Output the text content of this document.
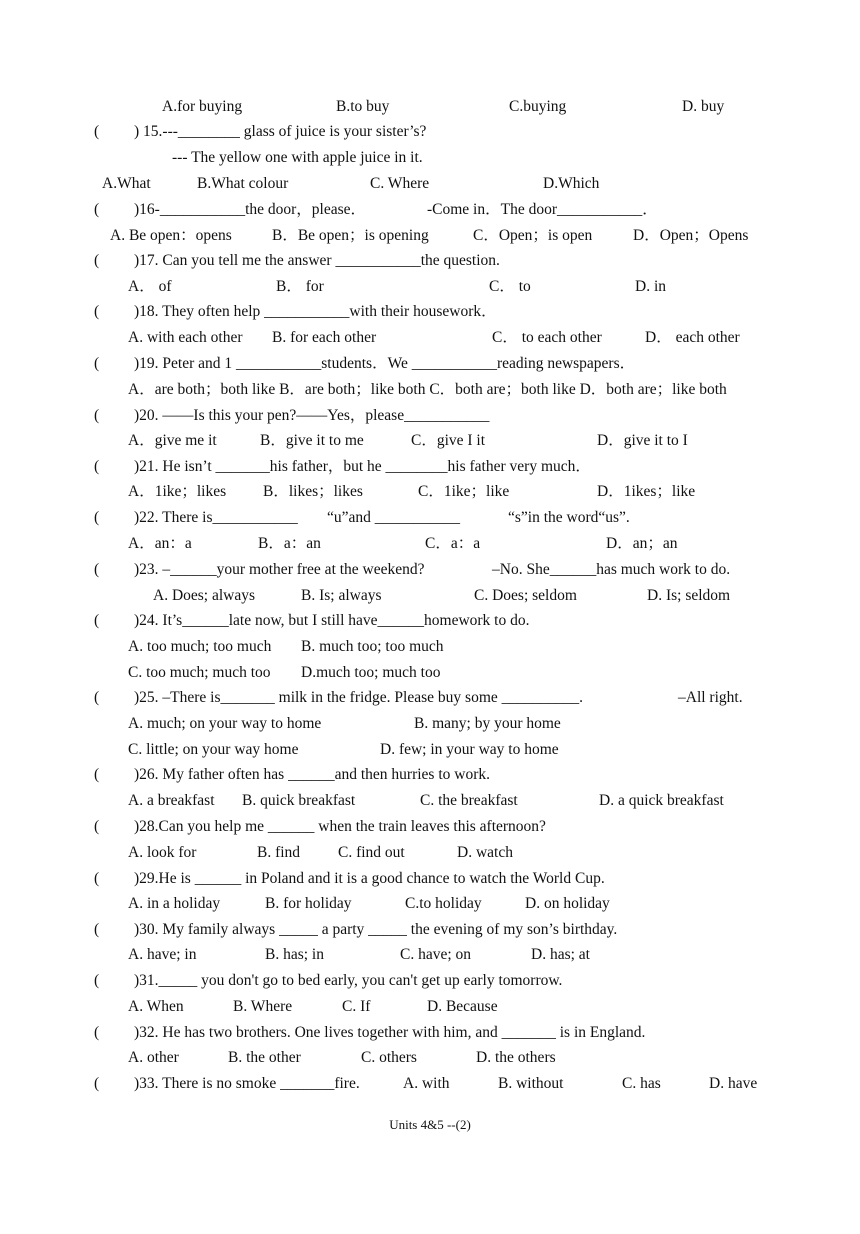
A.for buying

	B.to buy

	C.buying

	D. buy

(

) 15.---________ glass of juice is your sister’s?

--- The yellow one with apple juice in it.

A.What

	B.What colour

	C. Where

	D.Which

(

)16-___________the door，please．

	-Come in．The door___________．

A. Be open：opens

	B．Be open；is opening

	C．Open；is open

	D．Open；Opens

(

)17. Can you tell me the answer ___________the question.

A． of

	B． for

	C． to

	D. in

(

)18. They often help ___________with their housework．

A. with each other

B. for each other

	C． to each other

	D． each other

(

)19. Peter and 1 ___________students．We ___________reading newspapers．

A．are both；both like B．are both；like both C．both are；both like D．both are；like both

(

)20. ——Is this your pen?——Yes，please___________

A．give me it

	B．give it to me

	C．give I it

	D．give it to I

(

)21. He isn’t _______his father，but he ________his father very much．

A．1ike；likes

B．likes；likes

	C．1ike；like

	D．1ikes；like

(

)22. There is___________

“u”and ___________

	“s”in the word“us”.

A．an：a

	B．a：an

	C．a：a

	D．an；an

(

)23. –______your mother free at the weekend?

	–No. She______has much work to do.

A. Does; always

	B. Is; always

	C. Does; seldom

	D. Is; seldom

(

)24. It’s______late now, but I still have______homework to do.

A. too much; too much

B. much too; too much

C. too much; much too

D.much too; much too

(

)25. –There is_______ milk in the fridge. Please buy some __________.

	–All right.

A. much; on your way to home

	B. many; by your home

C. little; on your way home

	D. few; in your way to home

(

)26. My father often has ______and then hurries to work.

A. a breakfast

B. quick breakfast

	C. the breakfast

	D. a quick breakfast

(

)28.Can you help me ______ when the train leaves this afternoon?

A. look for

	B. find

C. find out

	D. watch

(

)29.He is ______ in Poland and it is a good chance to watch the World Cup.

A. in a holiday

	B. for holiday

	C.to holiday

	D. on holiday

(

)30. My family always _____ a party _____ the evening of my son’s birthday.

A. have; in

	B. has; in

	C. have; on

	D. has; at

(

)31._____ you don't go to bed early, you can't get up early tomorrow.

A. When

	B. Where

	C. If

	D. Because

(

)32. He has two brothers. One lives together with him, and _______ is in England.

A. other

	B. the other

	C. others

	D. the others

(

)33. There is no smoke _______fire.

	A. with

	B. without

	C. has

	D. have

Units 4&5 --(2)
